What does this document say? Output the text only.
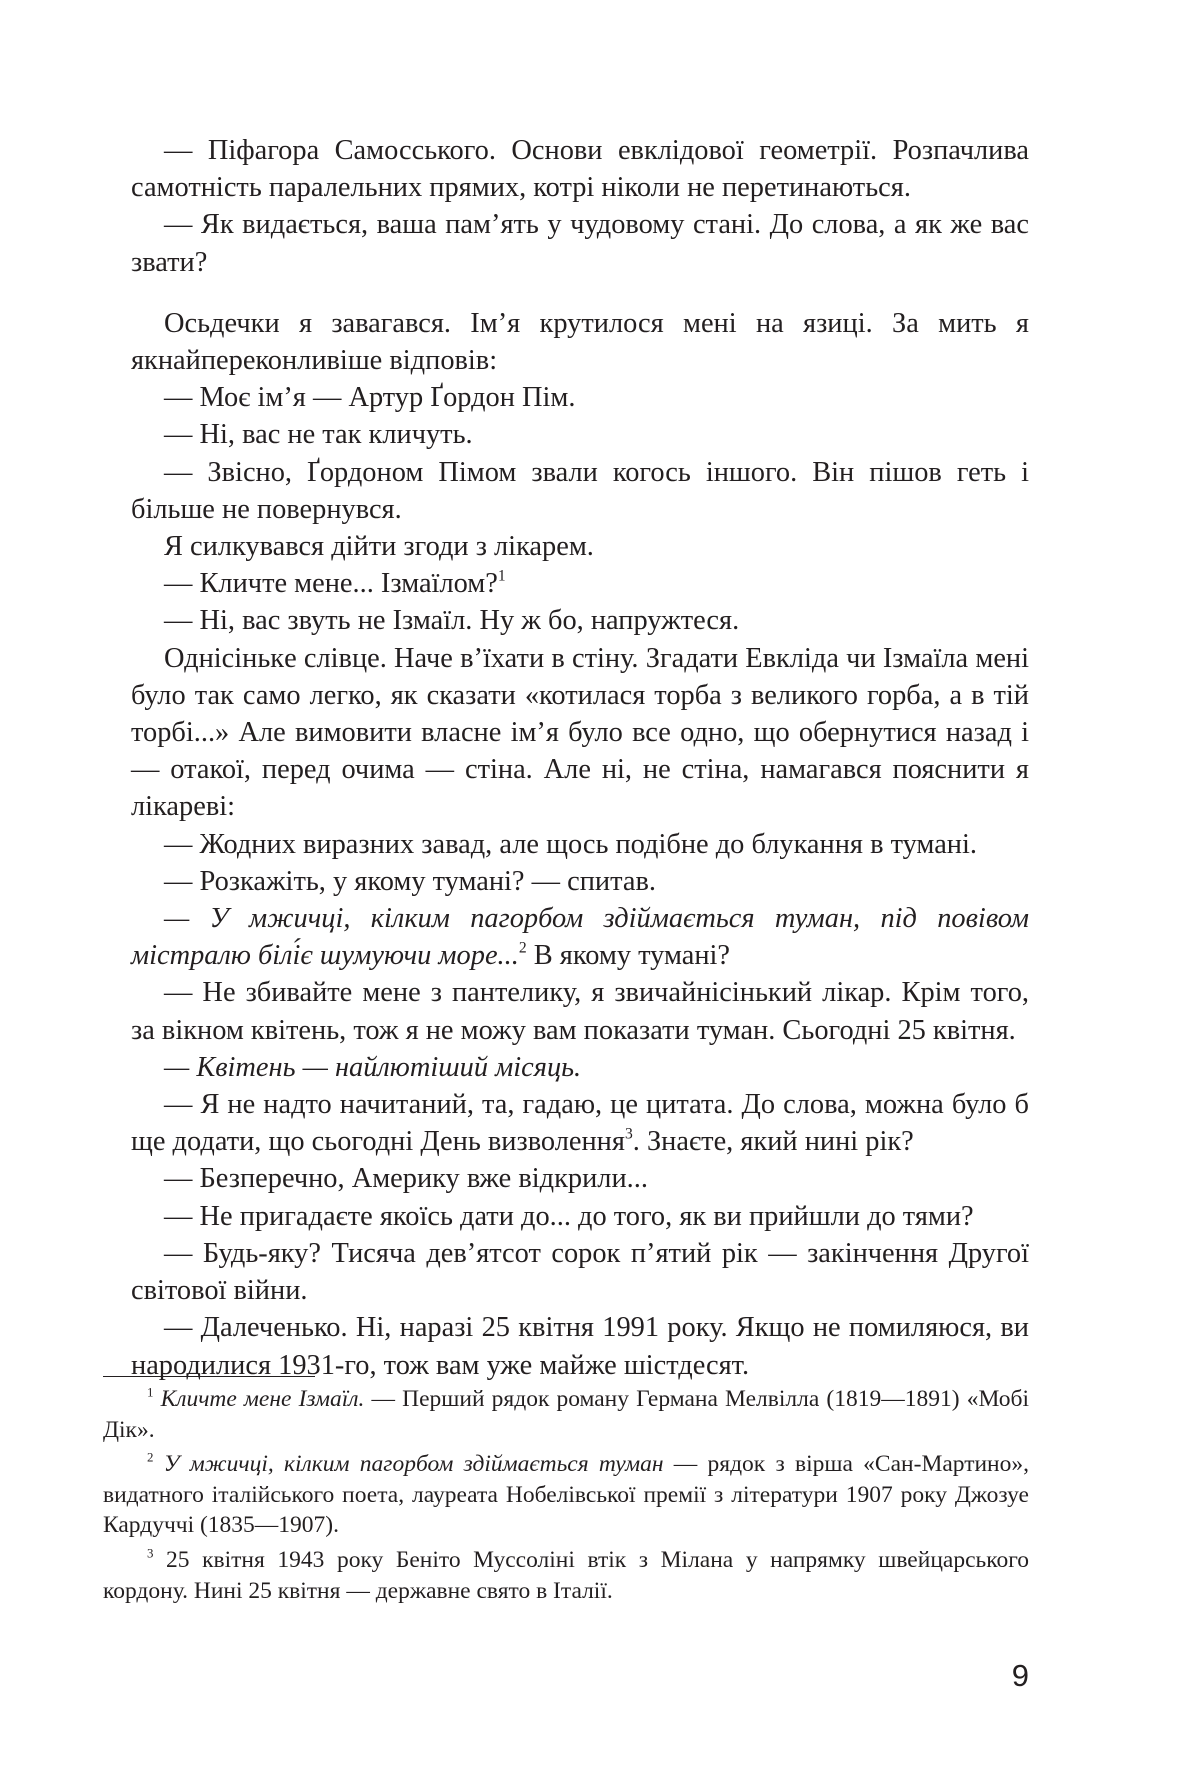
— Піфагора Самосського. Основи евклідової геометрії. Розпачлива самотність паралельних прямих, котрі ніколи не перетинаються.

— Як видається, ваша пам’ять у чудовому стані. До слова, а як же вас звати?

Осьдечки я завагався. Ім’я крутилося мені на язиці. За мить я якнайпереконливіше відповів:

— Моє ім’я — Артур Ґордон Пім.

— Ні, вас не так кличуть.

— Звісно, Ґордоном Пімом звали когось іншого. Він пішов геть і більше не повернувся.

Я силкувався дійти згоди з лікарем.

— Кличте мене... Ізмаїлом?$^1$

— Ні, вас звуть не Ізмаїл. Ну ж бо, напружтеся.

Однісінькe слівце. Наче в’їхати в стіну. Згадати Евкліда чи Ізмаїла мені було так само легко, як сказати «котилася торба з великого горба, а в тій торбі...» Але вимовити власне ім’я було все одно, що обернутися назад і — отакої, перед очима — стіна. Але ні, не стіна, намагався пояснити я лікареві:

— Жодних виразних завад, але щось подібне до блукання в тумані.

— Розкажіть, у якому тумані? — спитав.

— У мжичці, кілким пагорбом здіймається туман, під повівом містралю білі́є шумуючи море...$^2$ В якому тумані?

— Не збивайте мене з пантелику, я звичайнісінький лікар. Крім того, за вікном квітень, тож я не можу вам показати туман. Сьогодні 25 квітня.

— Квітень — найлютіший місяць.

— Я не надто начитаний, та, гадаю, це цитата. До слова, можна було б ще додати, що сьогодні День визволення$^3$. Знаєте, який нині рік?

— Безперечно, Америку вже відкрили...

— Не пригадаєте якоїсь дати до... до того, як ви прийшли до тями?

— Будь-яку? Тисяча дев’ятсот сорок п’ятий рік — закінчення Другої світової війни.

— Далеченько. Ні, наразі 25 квітня 1991 року. Якщо не помиляюся, ви народилися 1931-го, тож вам уже майже шістдесят.

$^1$ Кличте мене Ізмаїл. — Перший рядок роману Германа Мелвілла (1819—1891) «Мобі Дік».

$^2$ У мжичці, кілким пагорбом здіймається туман — рядок з вірша «Сан-Мартино», видатного італійського поета, лауреата Нобелівської премії з літератури 1907 року Джозуе Кардуччі (1835—1907).

$^3$ 25 квітня 1943 року Беніто Муссоліні втік з Мілана у напрямку швейцарського кордону. Нині 25 квітня — державне свято в Італії.

9
